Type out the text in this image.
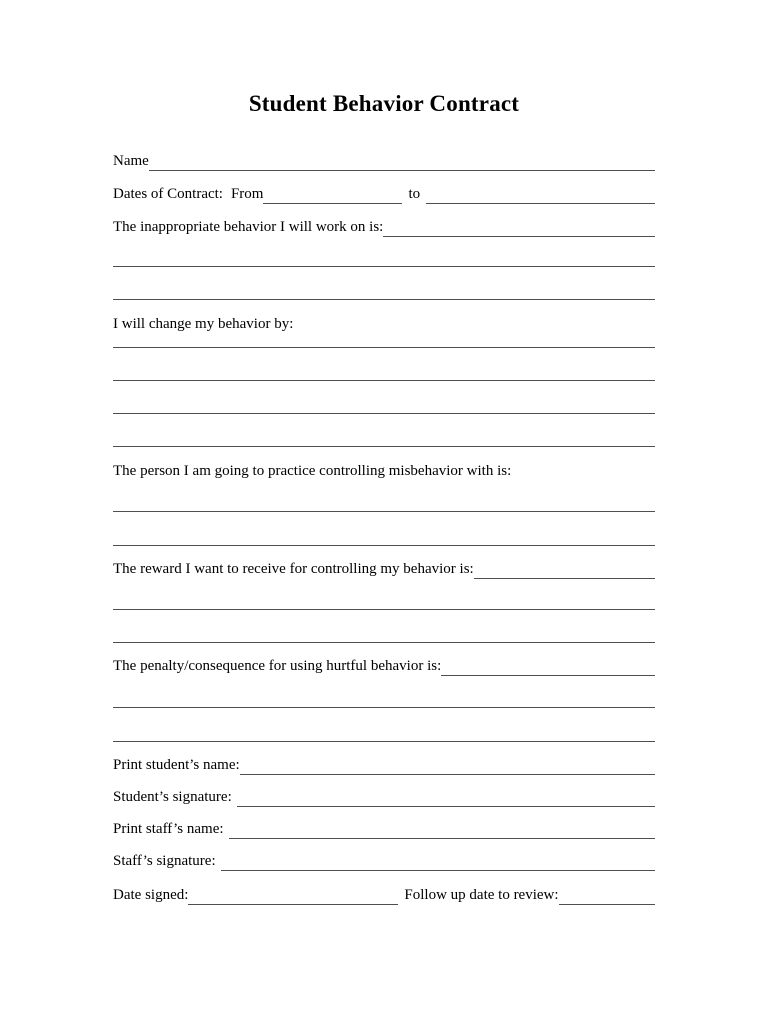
Student Behavior Contract
Name
Dates of Contract: From	to
The inappropriate behavior I will work on is:
I will change my behavior by:
The person I am going to practice controlling misbehavior with is:
The reward I want to receive for controlling my behavior is:
The penalty/consequence for using hurtful behavior is:
Print student’s name:
Student’s signature:
Print staff’s name:
Staff’s signature:
Date signed:	Follow up date to review:
